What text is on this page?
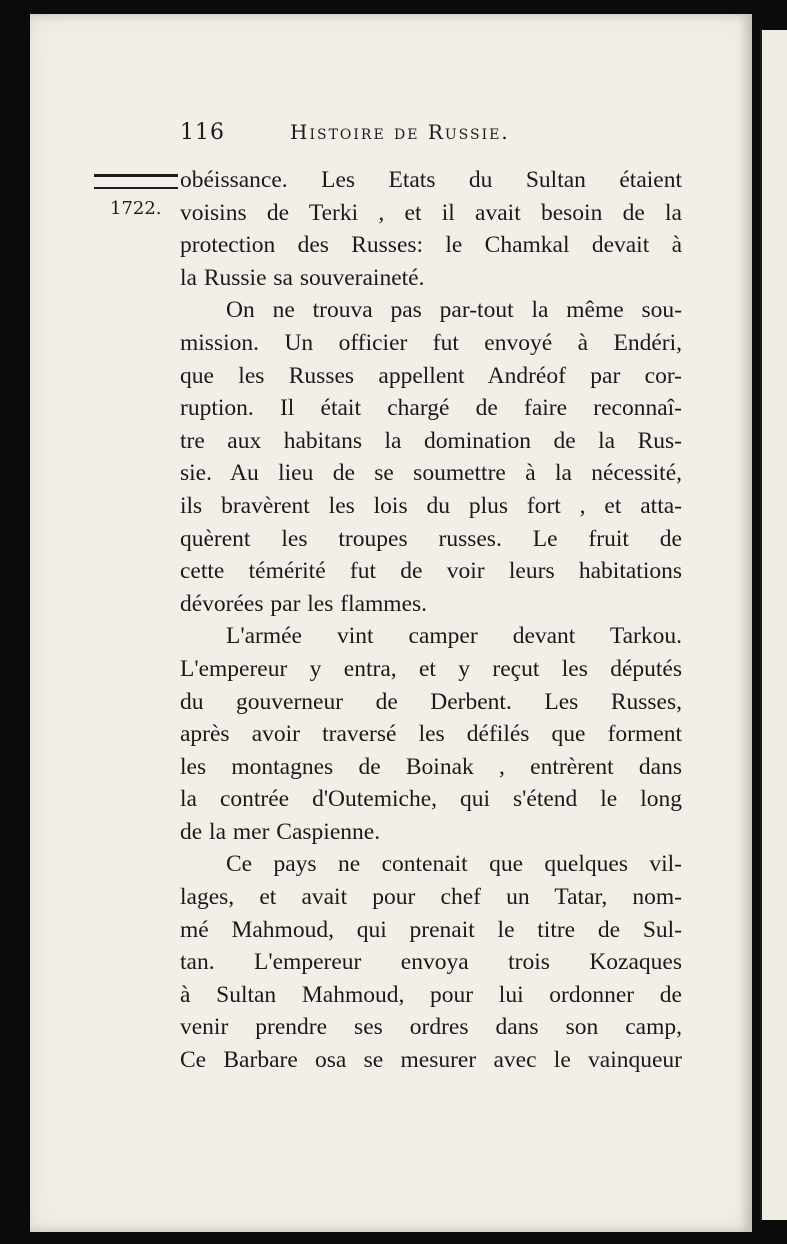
116	Histoire de Russie.
1722.
obéissance. Les Etats du Sultan étaient
voisins de Terki , et il avait besoin de la
protection des Russes: le Chamkal devait à
la Russie sa souveraineté.
On ne trouva pas par-tout la même sou-
mission. Un officier fut envoyé à Endéri,
que les Russes appellent Andréof par cor-
ruption. Il était chargé de faire reconnaî-
tre aux habitans la domination de la Rus-
sie. Au lieu de se soumettre à la nécessité,
ils bravèrent les lois du plus fort , et atta-
quèrent les troupes russes. Le fruit de
cette témérité fut de voir leurs habitations
dévorées par les flammes.
L'armée vint camper devant Tarkou.
L'empereur y entra, et y reçut les députés
du gouverneur de Derbent. Les Russes,
après avoir traversé les défilés que forment
les montagnes de Boinak , entrèrent dans
la contrée d'Outemiche, qui s'étend le long
de la mer Caspienne.
Ce pays ne contenait que quelques vil-
lages, et avait pour chef un Tatar, nom-
mé Mahmoud, qui prenait le titre de Sul-
tan. L'empereur envoya trois Kozaques
à Sultan Mahmoud, pour lui ordonner de
venir prendre ses ordres dans son camp,
Ce Barbare osa se mesurer avec le vainqueur
